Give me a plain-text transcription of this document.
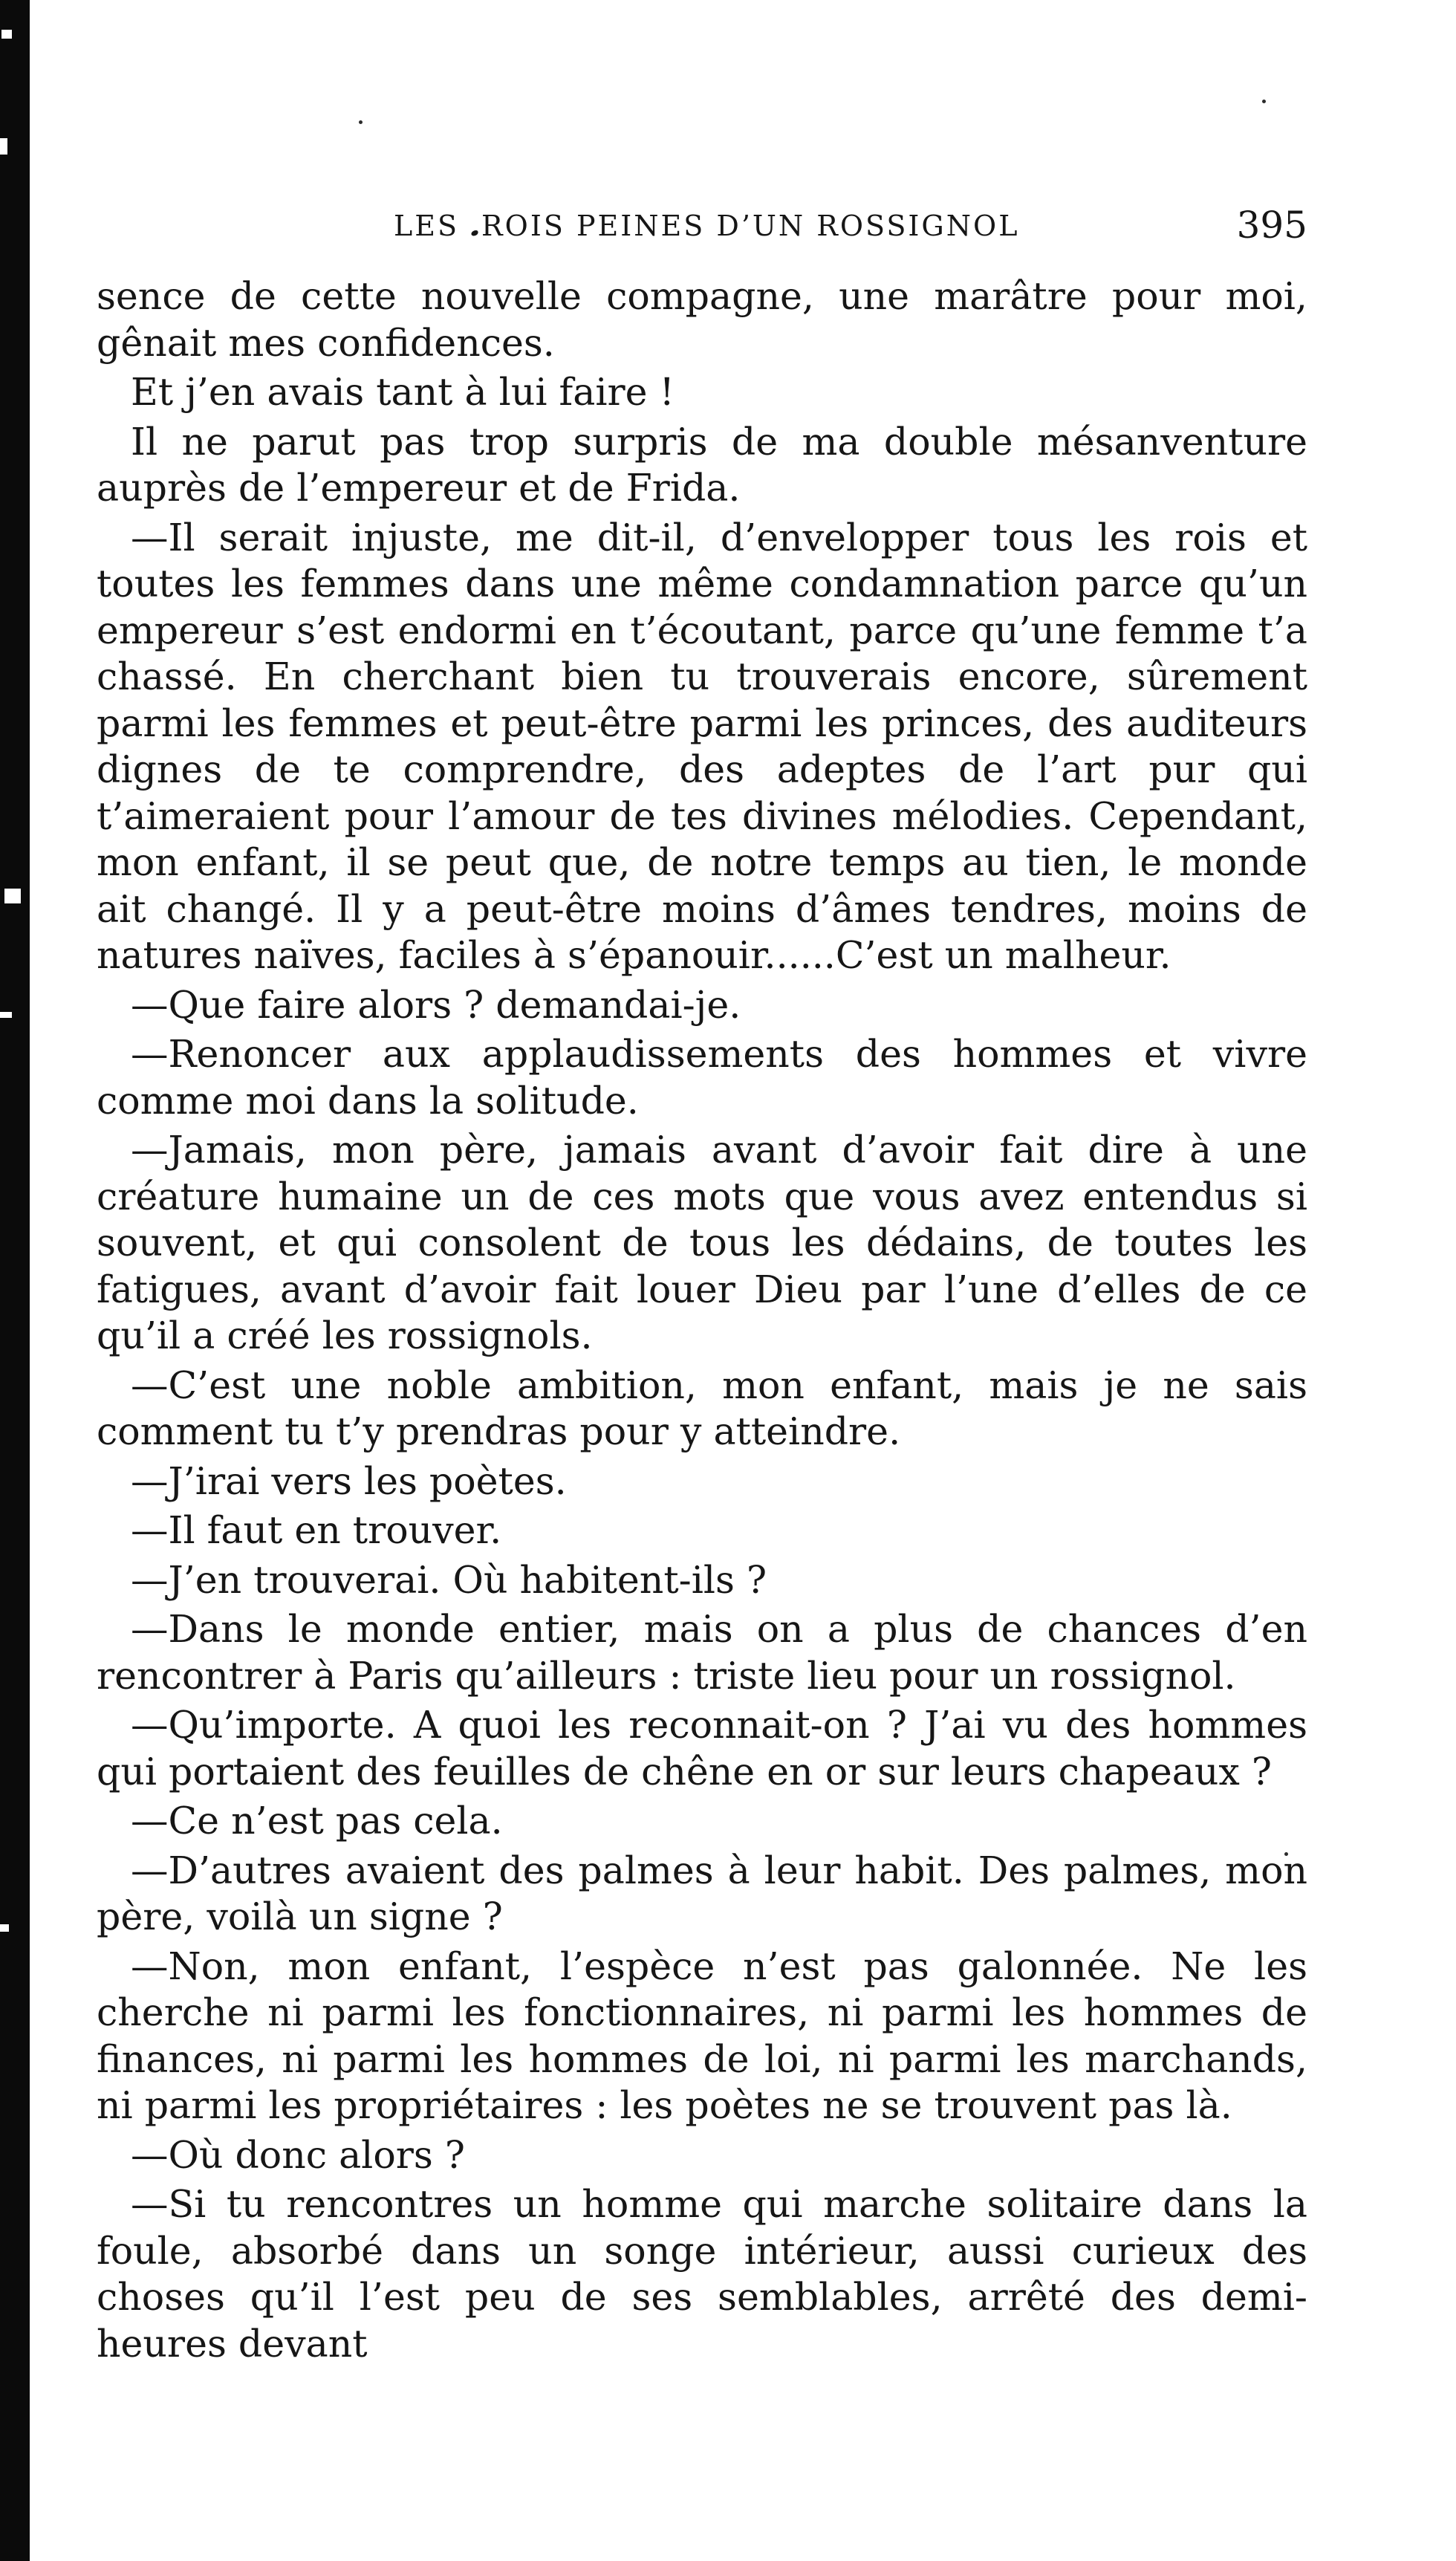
LES 𝅘ROIS PEINES D’UN ROSSIGNOL	395

sence de cette nouvelle compagne, une marâtre pour moi, gênait mes confidences.

Et j’en avais tant à lui faire !

Il ne parut pas trop surpris de ma double mésanventure auprès de l’empereur et de Frida.

—Il serait injuste, me dit-il, d’envelopper tous les rois et toutes les femmes dans une même condamnation parce qu’un empereur s’est endormi en t’écoutant, parce qu’une femme t’a chassé. En cherchant bien tu trouverais encore, sûrement parmi les femmes et peut-être parmi les princes, des auditeurs dignes de te comprendre, des adeptes de l’art pur qui t’aimeraient pour l’amour de tes divines mélodies. Cependant, mon enfant, il se peut que, de notre temps au tien, le monde ait changé. Il y a peut-être moins d’âmes tendres, moins de natures naïves, faciles à s’épanouir......C’est un malheur.

—Que faire alors ? demandai-je.

—Renoncer aux applaudissements des hommes et vivre comme moi dans la solitude.

—Jamais, mon père, jamais avant d’avoir fait dire à une créature humaine un de ces mots que vous avez entendus si souvent, et qui consolent de tous les dédains, de toutes les fatigues, avant d’avoir fait louer Dieu par l’une d’elles de ce qu’il a créé les rossignols.

—C’est une noble ambition, mon enfant, mais je ne sais comment tu t’y prendras pour y atteindre.

—J’irai vers les poètes.

—Il faut en trouver.

—J’en trouverai. Où habitent-ils ?

—Dans le monde entier, mais on a plus de chances d’en rencontrer à Paris qu’ailleurs : triste lieu pour un rossignol.

—Qu’importe. A quoi les reconnait-on ? J’ai vu des hommes qui portaient des feuilles de chêne en or sur leurs chapeaux ?

—Ce n’est pas cela.

—D’autres avaient des palmes à leur habit. Des palmes, mon père, voilà un signe ?

—Non, mon enfant, l’espèce n’est pas galonnée. Ne les cherche ni parmi les fonctionnaires, ni parmi les hommes de finances, ni parmi les hommes de loi, ni parmi les marchands, ni parmi les propriétaires : les poètes ne se trouvent pas là.

—Où donc alors ?

—Si tu rencontres un homme qui marche solitaire dans la foule, absorbé dans un songe intérieur, aussi curieux des choses qu’il l’est peu de ses semblables, arrêté des demi-heures devant
